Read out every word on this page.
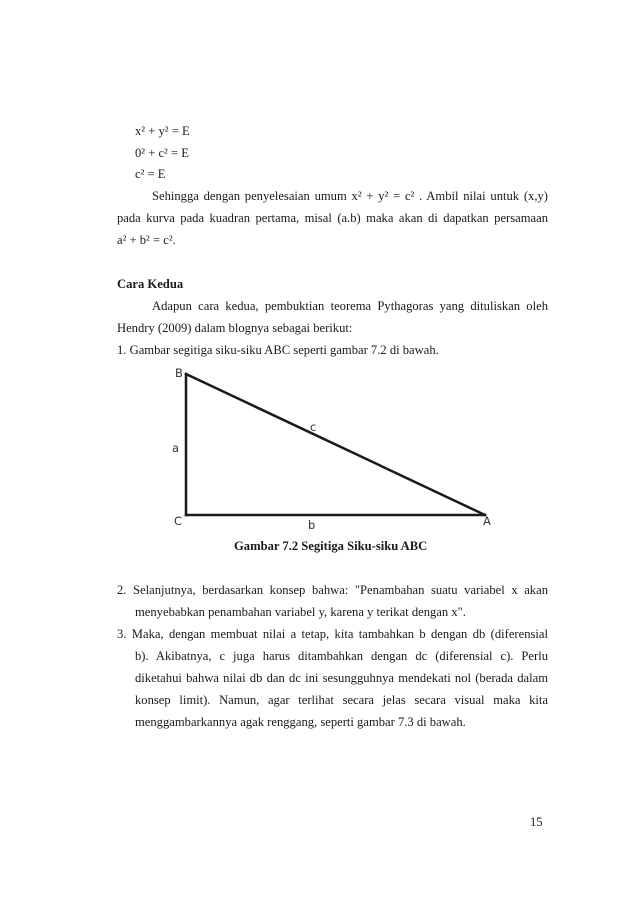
x² + y² = E
0² + c² = E
c² = E
Sehingga dengan penyelesaian umum x² + y² = c² . Ambil nilai untuk (x,y)
pada kurva pada kuadran pertama, misal (a.b) maka akan di dapatkan persamaan
a² + b² = c².
Cara Kedua
Adapun cara kedua, pembuktian teorema Pythagoras yang dituliskan oleh
Hendry (2009) dalam blognya sebagai berikut:
1. Gambar segitiga siku-siku ABC seperti gambar 7.2 di bawah.
B
C	A
a
b
c
Gambar 7.2 Segitiga Siku-siku ABC
2. Selanjutnya, berdasarkan konsep bahwa: "Penambahan suatu variabel x akan
menyebabkan penambahan variabel y, karena y terikat dengan x".
3. Maka, dengan membuat nilai a tetap, kita tambahkan b dengan db (diferensial
b). Akibatnya, c juga harus ditambahkan dengan dc (diferensial c). Perlu
diketahui bahwa nilai db dan dc ini sesungguhnya mendekati nol (berada dalam
konsep limit). Namun, agar terlihat secara jelas secara visual maka kita
menggambarkannya agak renggang, seperti gambar 7.3 di bawah.
15
